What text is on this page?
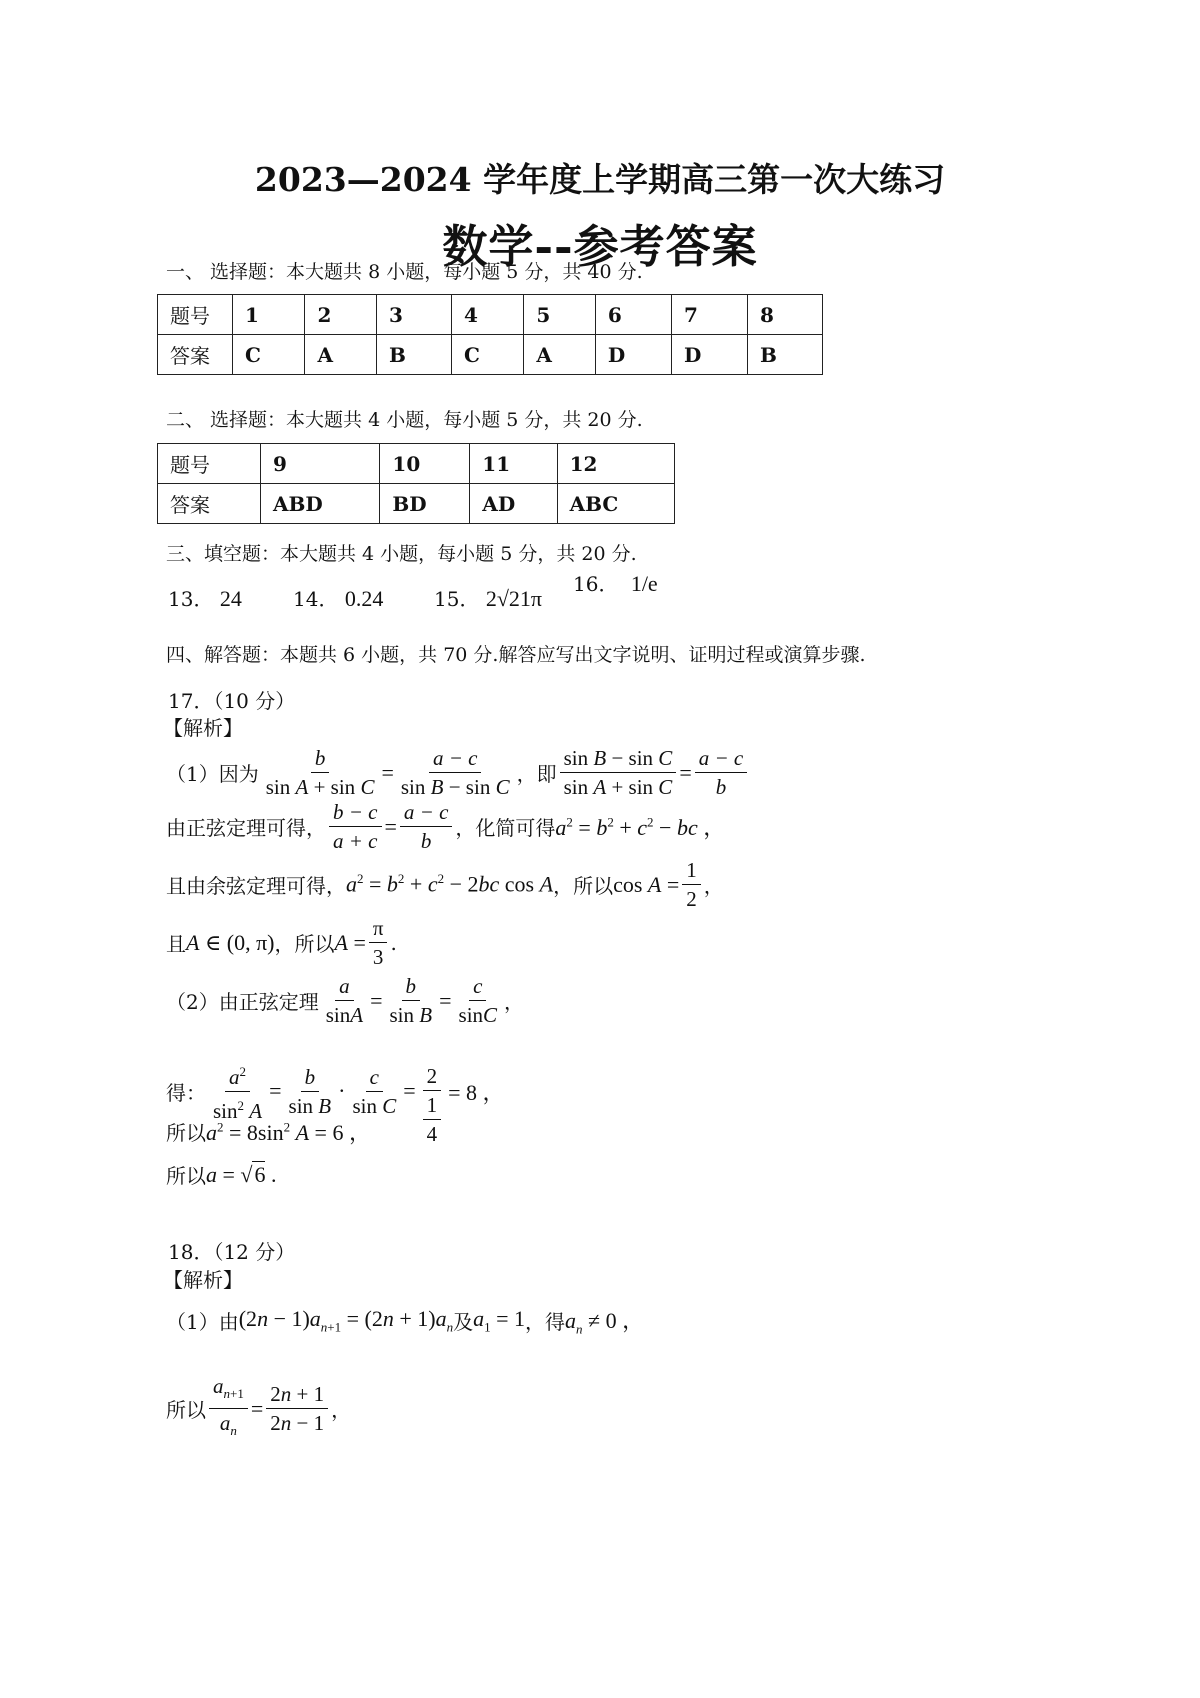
2023—2024 学年度上学期高三第一次大练习
数学--参考答案
一、 选择题：本大题共 8 小题，每小题 5 分，共 40 分.
题号	1	2	3	4	5	6	7	8
答案	C	A	B	C	A	D	D	B
二、 选择题：本大题共 4 小题，每小题 5 分，共 20 分.
题号	9	10	11	12
答案	ABD	BD	AD	ABC
三、填空题：本大题共 4 小题，每小题 5 分，共 20 分.
13． 24	14． 0.24	15． 2√21π
16． 1/e
四、解答题：本题共 6 小题，共 70 分.解答应写出文字说明、证明过程或演算步骤.
17．（10 分）
【解析】
（1）因为 $\frac{b}{\text{sin A + sin C}} = \frac{a - c}{\text{sin B − sin C}}$ ，即 $\frac{\text{sin B − sin C}}{\text{sin A + sin C}} = \frac{a - c}{b}$
由正弦定理可得， $\frac{b - c}{a + c} = \frac{a - c}{b}$ ，化简可得 $a^2 = b^2 + c^2$ − bc ，
且由余弦定理可得， $a^2 = b^2 + c^2 - 2bc$ cos A ，所以 $\cos A = \frac{1}{2}$ ，
且 A ∈ (0, π) ，所以 $A = \frac{\pi}{3}$ .
（2）由正弦定理 $\frac{a}{\sin A} = \frac{b}{\text{sin B}} = \frac{c}{\sin C}$ ，
得： $\frac{a^2}{\sin^2 A} = \frac{b}{\text{sin B}} \cdot \frac{c}{\text{sin C}} = \frac{2}{\frac{1}{4}} = 8$ ，
所以 $a^2 = 8\sin^2$ A = 6 ，
所以 a = √6 .
18．（12 分）
【解析】
（1）由 $(2n - 1)a_{n+1} = (2n + 1)a_n$ 及 $a_1 = 1$ ，得 $a_n \ne 0$ ，
所以 $\frac{a_{n+1}}{a_n} = \frac{2n + 1}{2n - 1}$ ，
